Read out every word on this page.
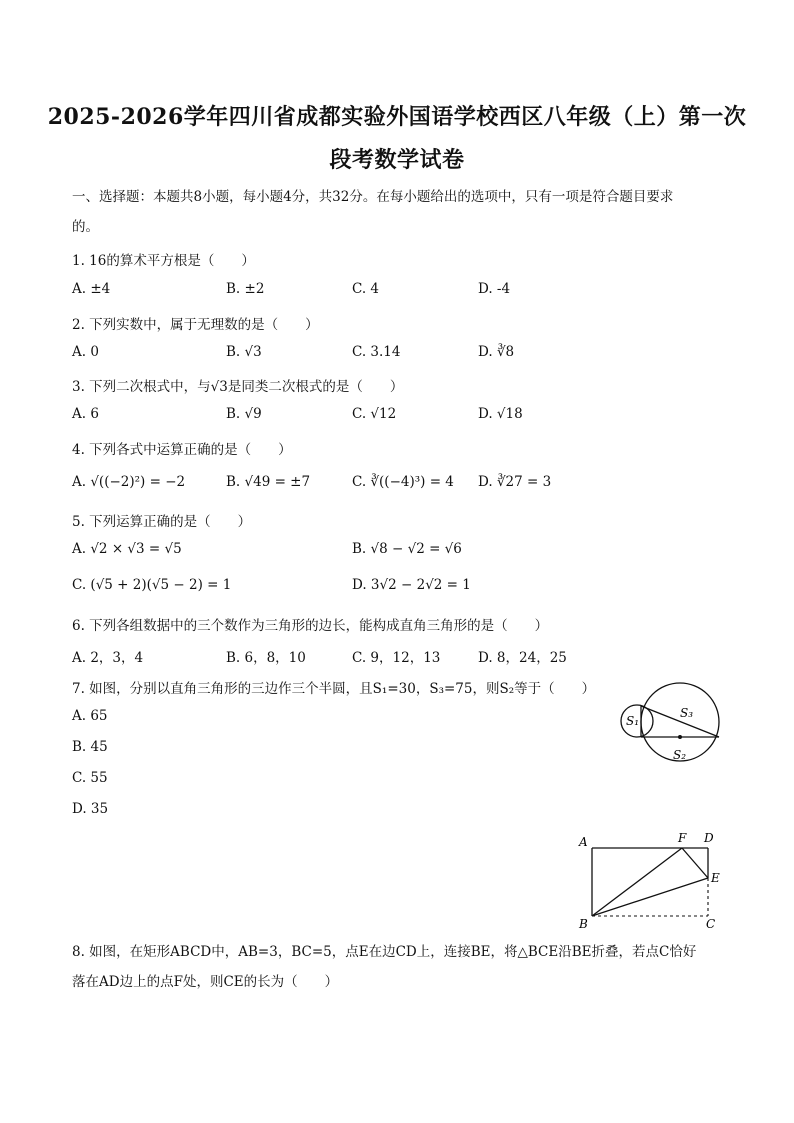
2025-2026学年四川省成都实验外国语学校西区八年级（上）第一次
段考数学试卷
一、选择题：本题共8小题，每小题4分，共32分。在每小题给出的选项中，只有一项是符合题目要求
的。
1. 16的算术平方根是（　　）
A. ±4	B. ±2	C. 4	D. -4
2. 下列实数中，属于无理数的是（　　）
A. 0	B. √3	C. 3.14	D. ∛8
3. 下列二次根式中，与√3是同类二次根式的是（　　）
A. 6	B. √9	C. √12	D. √18
4. 下列各式中运算正确的是（　　）
A. √((−2)²) = −2	B. √49 = ±7	C. ∛((−4)³) = 4 D. ∛27 = 3
5. 下列运算正确的是（　　）
A. √2 × √3 = √5	B. √8 − √2 = √6
C. (√5 + 2)(√5 − 2) = 1	D. 3√2 − 2√2 = 1
6. 下列各组数据中的三个数作为三角形的边长，能构成直角三角形的是（　　）
A. 2，3，4	B. 6，8，10	C. 9，12，13	D. 8，24，25
7. 如图，分别以直角三角形的三边作三个半圆，且S₁=30，S₃=75，则S₂等于（　　）
A. 65
B. 45
C. 55
D. 35
S₁
S₃
S₂
A	F D
E
B	C
8. 如图，在矩形ABCD中，AB=3，BC=5，点E在边CD上，连接BE，将△BCE沿BE折叠，若点C恰好
落在AD边上的点F处，则CE的长为（　　）
